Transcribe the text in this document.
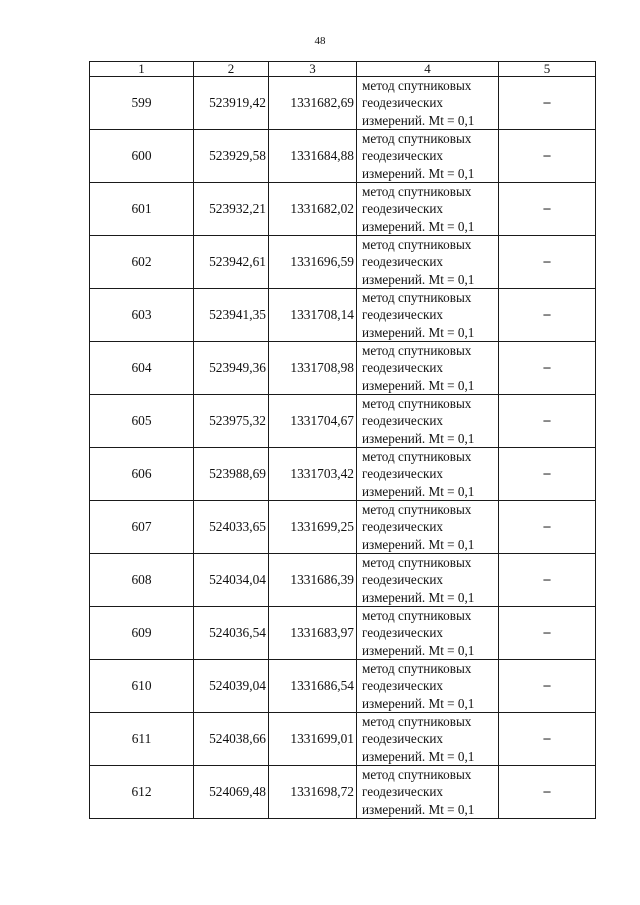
48
1	2	3	4	5
599	523919,42	1331682,69	метод спутниковых
геодезических
измерений. Mt = 0,1	–
600	523929,58	1331684,88	метод спутниковых
геодезических
измерений. Mt = 0,1	–
601	523932,21	1331682,02	метод спутниковых
геодезических
измерений. Mt = 0,1	–
602	523942,61	1331696,59	метод спутниковых
геодезических
измерений. Mt = 0,1	–
603	523941,35	1331708,14	метод спутниковых
геодезических
измерений. Mt = 0,1	–
604	523949,36	1331708,98	метод спутниковых
геодезических
измерений. Mt = 0,1	–
605	523975,32	1331704,67	метод спутниковых
геодезических
измерений. Mt = 0,1	–
606	523988,69	1331703,42	метод спутниковых
геодезических
измерений. Mt = 0,1	–
607	524033,65	1331699,25	метод спутниковых
геодезических
измерений. Mt = 0,1	–
608	524034,04	1331686,39	метод спутниковых
геодезических
измерений. Mt = 0,1	–
609	524036,54	1331683,97	метод спутниковых
геодезических
измерений. Mt = 0,1	–
610	524039,04	1331686,54	метод спутниковых
геодезических
измерений. Mt = 0,1	–
611	524038,66	1331699,01	метод спутниковых
геодезических
измерений. Mt = 0,1	–
612	524069,48	1331698,72	метод спутниковых
геодезических
измерений. Mt = 0,1	–
